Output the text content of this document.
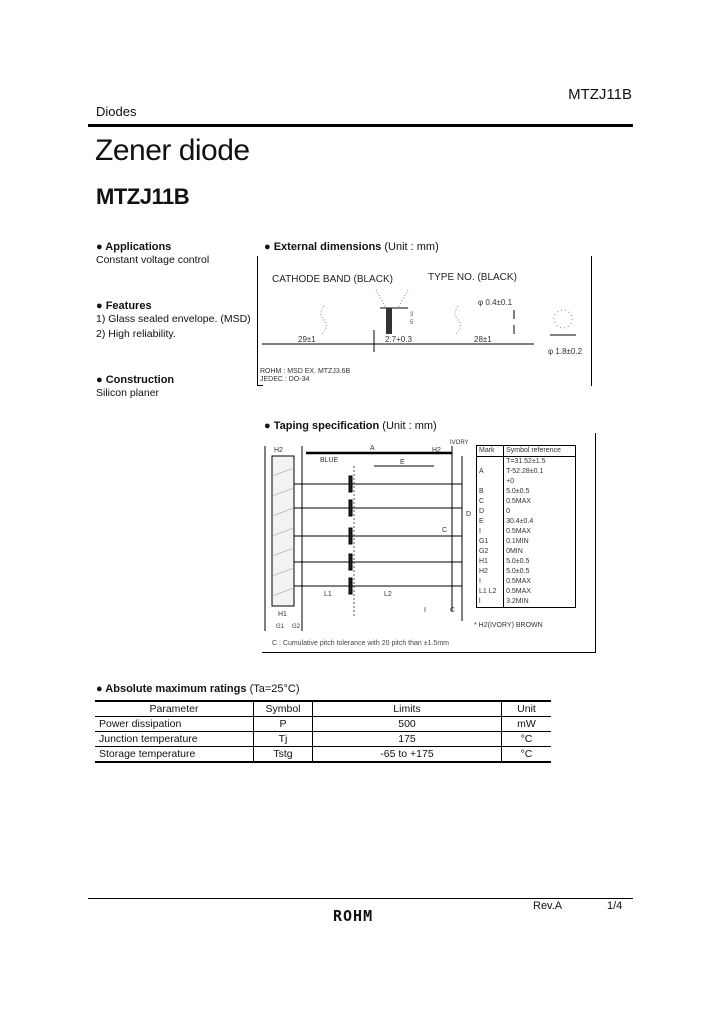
MTZJ11B
Diodes
Zener diode
MTZJ11B
● Applications
Constant voltage control
● Features
1) Glass sealed envelope. (MSD)
2) High reliability.
● Construction
Silicon planer
● External dimensions (Unit : mm)
CATHODE BAND (BLACK)	TYPE NO. (BLACK)
3
5
φ 0.4±0.1
φ 1.8±0.2
29±1	2.7+0.3	28±1
ROHM : MSD EX. MTZJ3.6B
JEDEC : DO-34
● Taping specification (Unit : mm)
A
H2	H2
BLUE
IVORY
E
L1	L2
H1
G1 G2
D
C
I	C
Mark	Symbol reference
	T=31.52±1.5
A	T-52.28±0.1
	+0
B	5.0±0.5
C	0.5MAX
D	0
E	30.4±0.4
I	0.5MAX
G1	0.1MIN
G2	0MIN
H1	5.0±0.5
H2	5.0±0.5
I	0.5MAX
L1 L2	0.5MAX
l	3.2MIN
* H2(IVORY) BROWN
C : Cumulative pitch tolerance with 20 pitch than ±1.5mm
● Absolute maximum ratings (Ta=25°C)
Parameter	Symbol	Limits	Unit
Power dissipation	P	500	mW
Junction temperature	Tj	175	°C
Storage temperature	Tstg	-65 to +175	°C
Rev.A	1/4
ROHM
